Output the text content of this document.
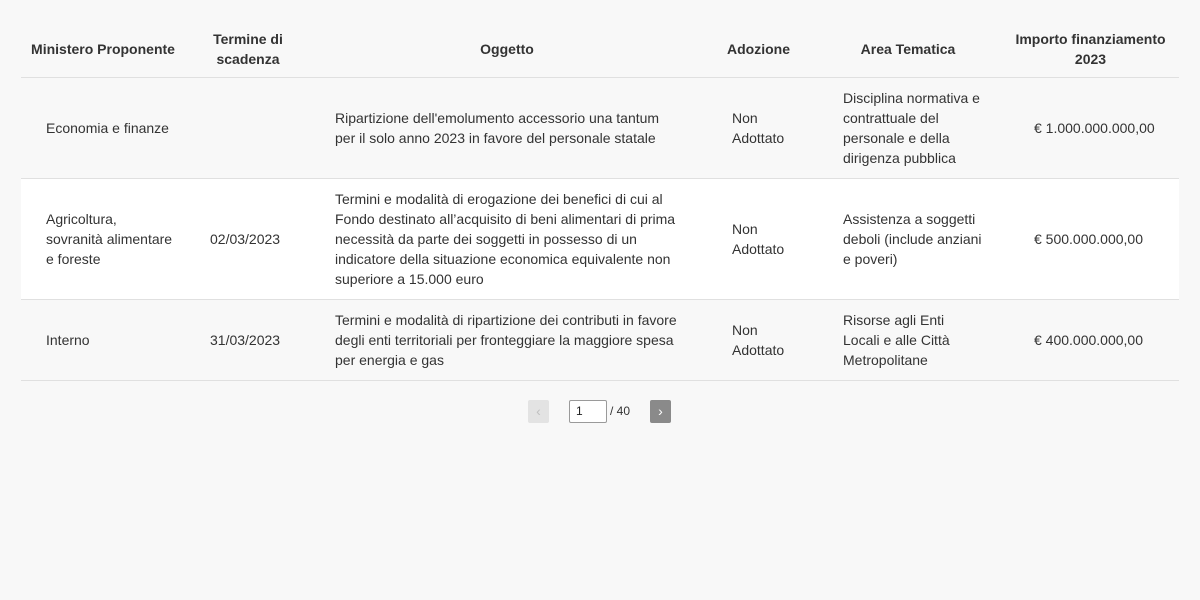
Ministero Proponente	Termine di scadenza	Oggetto	Adozione	Area Tematica	Importo finanziamento 2023
Economia e finanze		Ripartizione dell'emolumento accessorio una tantum per il solo anno 2023 in favore del personale statale	Non Adottato	Disciplina normativa e contrattuale del personale e della dirigenza pubblica	€ 1.000.000.000,00
Agricoltura, sovranità alimentare e foreste	02/03/2023	Termini e modalità di erogazione dei benefici di cui al Fondo destinato all’acquisito di beni alimentari di prima necessità da parte dei soggetti in possesso di un indicatore della situazione economica equivalente non superiore a 15.000 euro	Non Adottato	Assistenza a soggetti deboli (include anziani e poveri)	€ 500.000.000,00
Interno	31/03/2023	Termini e modalità di ripartizione dei contributi in favore degli enti territoriali per fronteggiare la maggiore spesa per energia e gas	Non Adottato	Risorse agli Enti Locali e alle Città Metropolitane	€ 400.000.000,00
‹
1	/ 40 ›
